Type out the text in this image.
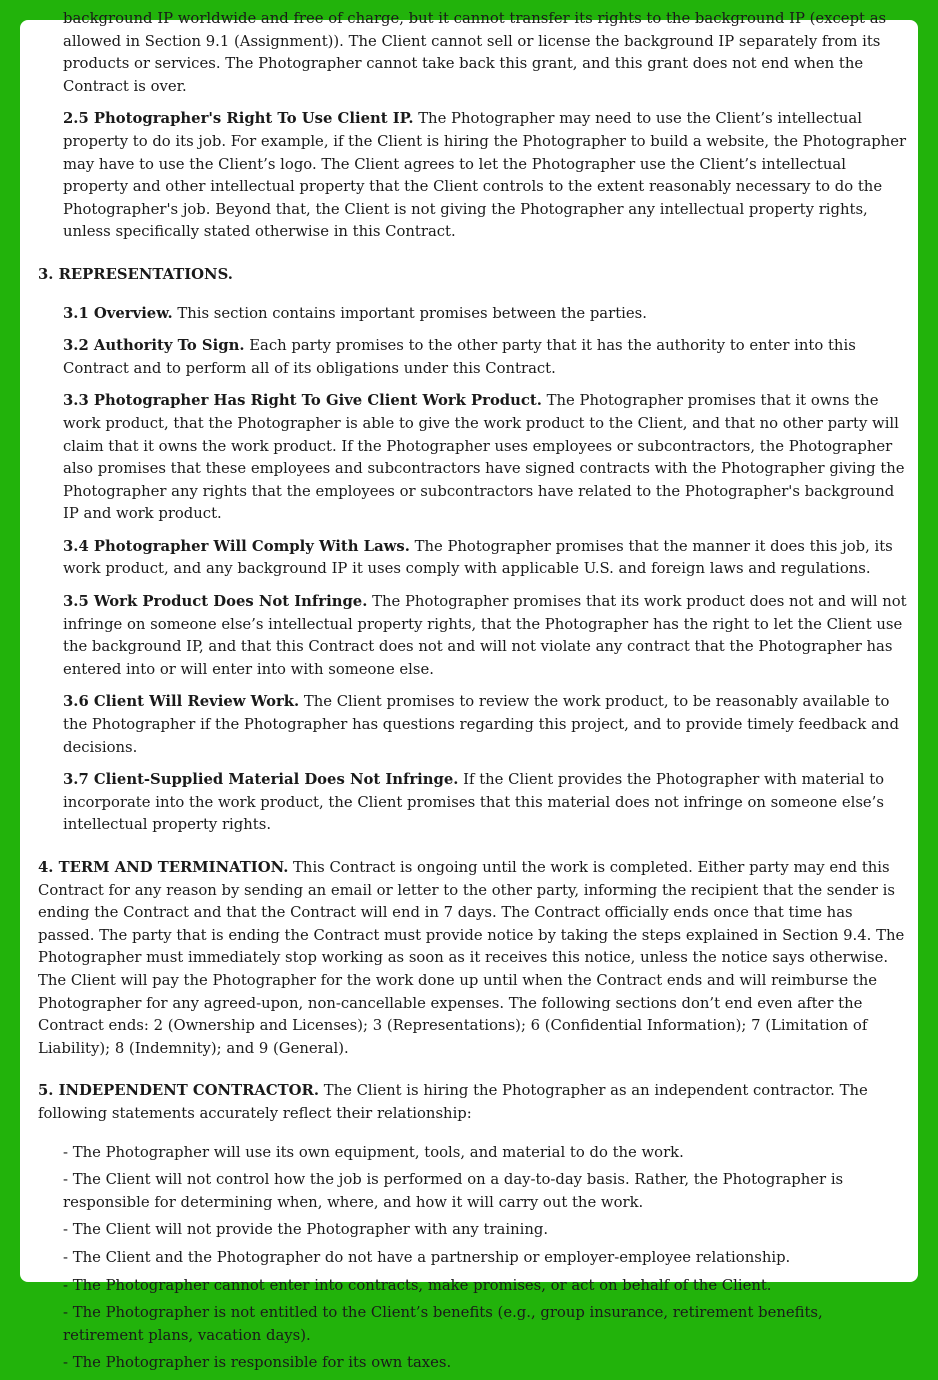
background IP worldwide and free of charge, but it cannot transfer its rights to the background IP (except as allowed in Section 9.1 (Assignment)). The Client cannot sell or license the background IP separately from its products or services. The Photographer cannot take back this grant, and this grant does not end when the Contract is over.

2.5 Photographer's Right To Use Client IP. The Photographer may need to use the Client’s intellectual property to do its job. For example, if the Client is hiring the Photographer to build a website, the Photographer may have to use the Client’s logo. The Client agrees to let the Photographer use the Client’s intellectual property and other intellectual property that the Client controls to the extent reasonably necessary to do the Photographer's job. Beyond that, the Client is not giving the Photographer any intellectual property rights, unless specifically stated otherwise in this Contract.

3. REPRESENTATIONS.

3.1 Overview. This section contains important promises between the parties.

3.2 Authority To Sign. Each party promises to the other party that it has the authority to enter into this Contract and to perform all of its obligations under this Contract.

3.3 Photographer Has Right To Give Client Work Product. The Photographer promises that it owns the work product, that the Photographer is able to give the work product to the Client, and that no other party will claim that it owns the work product. If the Photographer uses employees or subcontractors, the Photographer also promises that these employees and subcontractors have signed contracts with the Photographer giving the Photographer any rights that the employees or subcontractors have related to the Photographer's background IP and work product.

3.4 Photographer Will Comply With Laws. The Photographer promises that the manner it does this job, its work product, and any background IP it uses comply with applicable U.S. and foreign laws and regulations.

3.5 Work Product Does Not Infringe. The Photographer promises that its work product does not and will not infringe on someone else’s intellectual property rights, that the Photographer has the right to let the Client use the background IP, and that this Contract does not and will not violate any contract that the Photographer has entered into or will enter into with someone else.

3.6 Client Will Review Work. The Client promises to review the work product, to be reasonably available to the Photographer if the Photographer has questions regarding this project, and to provide timely feedback and decisions.

3.7 Client-Supplied Material Does Not Infringe. If the Client provides the Photographer with material to incorporate into the work product, the Client promises that this material does not infringe on someone else’s intellectual property rights.

4. TERM AND TERMINATION. This Contract is ongoing until the work is completed. Either party may end this Contract for any reason by sending an email or letter to the other party, informing the recipient that the sender is ending the Contract and that the Contract will end in 7 days. The Contract officially ends once that time has passed. The party that is ending the Contract must provide notice by taking the steps explained in Section 9.4. The Photographer must immediately stop working as soon as it receives this notice, unless the notice says otherwise. The Client will pay the Photographer for the work done up until when the Contract ends and will reimburse the Photographer for any agreed-upon, non-cancellable expenses. The following sections don’t end even after the Contract ends: 2 (Ownership and Licenses); 3 (Representations); 6 (Confidential Information); 7 (Limitation of Liability); 8 (Indemnity); and 9 (General).

5. INDEPENDENT CONTRACTOR. The Client is hiring the Photographer as an independent contractor. The following statements accurately reflect their relationship:

- The Photographer will use its own equipment, tools, and material to do the work.
- The Client will not control how the job is performed on a day-to-day basis. Rather, the Photographer is responsible for determining when, where, and how it will carry out the work.
- The Client will not provide the Photographer with any training.
- The Client and the Photographer do not have a partnership or employer-employee relationship.
- The Photographer cannot enter into contracts, make promises, or act on behalf of the Client.
- The Photographer is not entitled to the Client’s benefits (e.g., group insurance, retirement benefits, retirement plans, vacation days).
- The Photographer is responsible for its own taxes.
